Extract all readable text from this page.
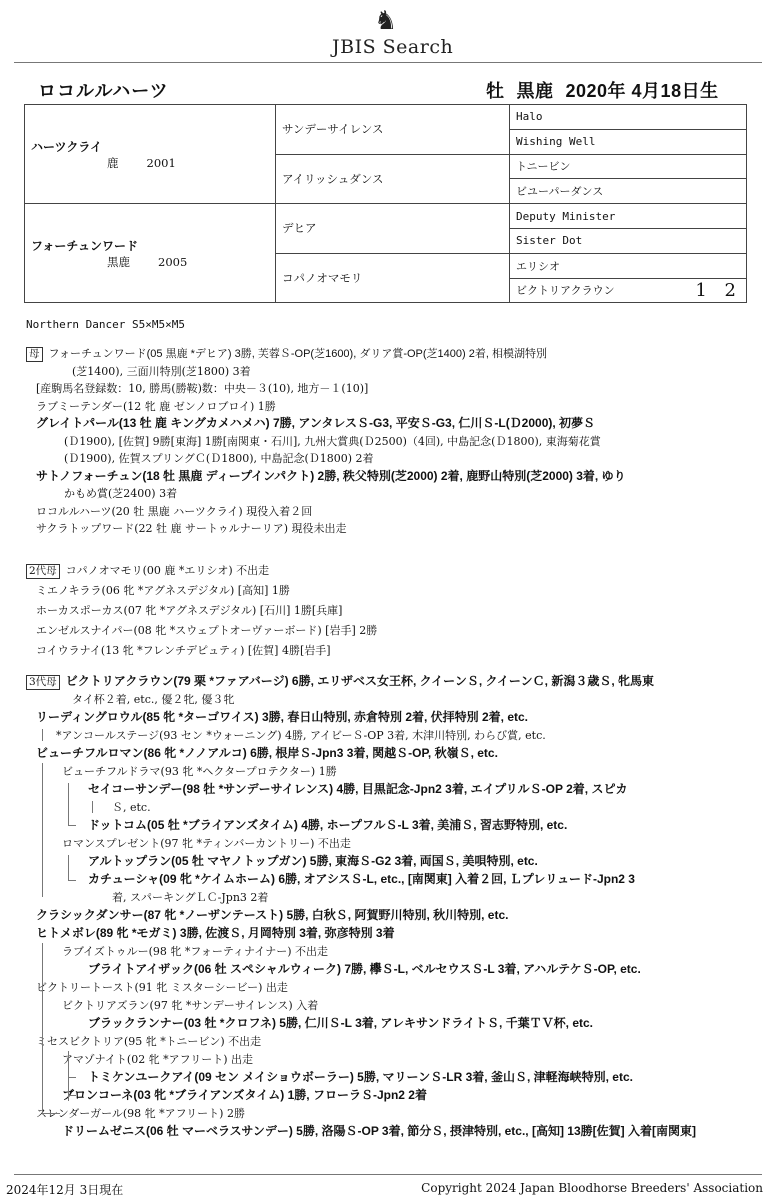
♞
JBIS Search
ロコルルハーツ	牡 黒鹿 2020年 4月18日生
ハーツクライ
鹿 2001	サンデーサイレンス	Halo
		Wishing Well
	アイリッシュダンス	トニービン
		ビユーパーダンス

フォーチュンワード
黒鹿 2005	デヒア	Deputy Minister
		Sister Dot
	コパノオマモリ	エリシオ
		ビクトリアクラウン 1 2
Northern Dancer S5×M5×M5
母 フォーチュンワード(05 黒鹿 *デヒア) 3勝, 芙蓉Ｓ-OP(芝1600), ダリア賞-OP(芝1400) 2着, 相模湖特別
(芝1400), 三面川特別(芝1800) 3着
[産駒馬名登録数：10, 勝馬(勝鞍)数：中央－３(10), 地方－１(10)]
ラブミーテンダー(12 牝 鹿 ゼンノロブロイ) 1勝
グレイトパール(13 牡 鹿 キングカメハメハ) 7勝, アンタレスＳ-G3, 平安Ｓ-G3, 仁川Ｓ-L(Ｄ2000), 初夢Ｓ
(Ｄ1900), [佐賀] 9勝[東海] 1勝[南関東・石川], 九州大賞典(Ｄ2500)（4回), 中島記念(Ｄ1800), 東海菊花賞
(Ｄ1900), 佐賀スプリングＣ(Ｄ1800), 中島記念(Ｄ1800) 2着
サトノフォーチュン(18 牡 黒鹿 ディープインパクト) 2勝, 秩父特別(芝2000) 2着, 鹿野山特別(芝2000) 3着, ゆり
かもめ賞(芝2400) 3着
ロコルルハーツ(20 牡 黒鹿 ハーツクライ) 現役入着２回
サクラトップワード(22 牡 鹿 サートゥルナーリア) 現役未出走
2代母 コパノオマモリ(00 鹿 *エリシオ) 不出走
ミエノキララ(06 牝 *アグネスデジタル) [高知] 1勝
ホーカスポーカス(07 牝 *アグネスデジタル) [石川] 1勝[兵庫]
エンゼルスナイパー(08 牝 *スウェプトオーヴァーボード) [岩手] 2勝
コイウラナイ(13 牝 *フレンチデピュティ) [佐賀] 4勝[岩手]
3代母 ビクトリアクラウン(79 栗 *ファアバージ) 6勝, エリザベス女王杯, クイーンＳ, クイーンＣ, 新潟３歳Ｓ, 牝馬東
タイ杯２着, etc., 優２牝, 優３牝
リーディングロウル(85 牝 *ターゴワイス) 3勝, 春日山特別, 赤倉特別 2着, 伏拝特別 2着, etc.
*アンコールステージ(93 セン *ウォーニング) 4勝, アイビーＳ-OP 3着, 木津川特別, わらび賞, etc.
ビューチフルロマン(86 牝 *ノノアルコ) 6勝, 根岸Ｓ-Jpn3 3着, 関越Ｓ-OP, 秋嶺Ｓ, etc.
ビューチフルドラマ(93 牝 *ヘクタープロテクター) 1勝
セイコーサンデー(98 牡 *サンデーサイレンス) 4勝, 目黒記念-Jpn2 3着, エイプリルＳ-OP 2着, スピカ
Ｓ, etc.
ドットコム(05 牡 *ブライアンズタイム) 4勝, ホープフルＳ-L 3着, 美浦Ｓ, 習志野特別, etc.
ロマンスプレゼント(97 牝 *ティンバーカントリー) 不出走
アルトップラン(05 牡 マヤノトップガン) 5勝, 東海Ｓ-G2 3着, 両国Ｓ, 美唄特別, etc.
カチューシャ(09 牝 *ケイムホーム) 6勝, オアシスＳ-L, etc., [南関東] 入着２回, Ｌプレリュード-Jpn2 3
着, スパーキングＬＣ-Jpn3 2着
クラシックダンサー(87 牝 *ノーザンテースト) 5勝, 白秋Ｓ, 阿賀野川特別, 秋川特別, etc.
ヒトメボレ(89 牝 *モガミ) 3勝, 佐渡Ｓ, 月岡特別 3着, 弥彦特別 3着
ラブイズトゥルー(98 牝 *フォーティナイナー) 不出走
ブライトアイザック(06 牡 スペシャルウィーク) 7勝, 欅Ｓ-L, ベルセウスＳ-L 3着, アハルテケＳ-OP, etc.
ビクトリートースト(91 牝 ミスターシービー) 出走
ビクトリアズラン(97 牝 *サンデーサイレンス) 入着
ブラックランナー(03 牡 *クロフネ) 5勝, 仁川Ｓ-L 3着, アレキサンドライトＳ, 千葉ＴＶ杯, etc.
ミセスビクトリア(95 牝 *トニービン) 不出走
アマゾナイト(02 牝 *アフリート) 出走
トミケンユークアイ(09 セン メイショウボーラー) 5勝, マリーンＳ-LR 3着, 釜山Ｓ, 津軽海峡特別, etc.
ブロンコーネ(03 牝 *ブライアンズタイム) 1勝, フローラＳ-Jpn2 2着
スレンダーガール(98 牝 *アフリート) 2勝
ドリームゼニス(06 牡 マーベラスサンデー) 5勝, 洛陽Ｓ-OP 3着, 節分Ｓ, 摂津特別, etc., [高知] 13勝[佐賀] 入着[南関東]
2024年12月 3日現在	Copyright 2024 Japan Bloodhorse Breeders' Association
